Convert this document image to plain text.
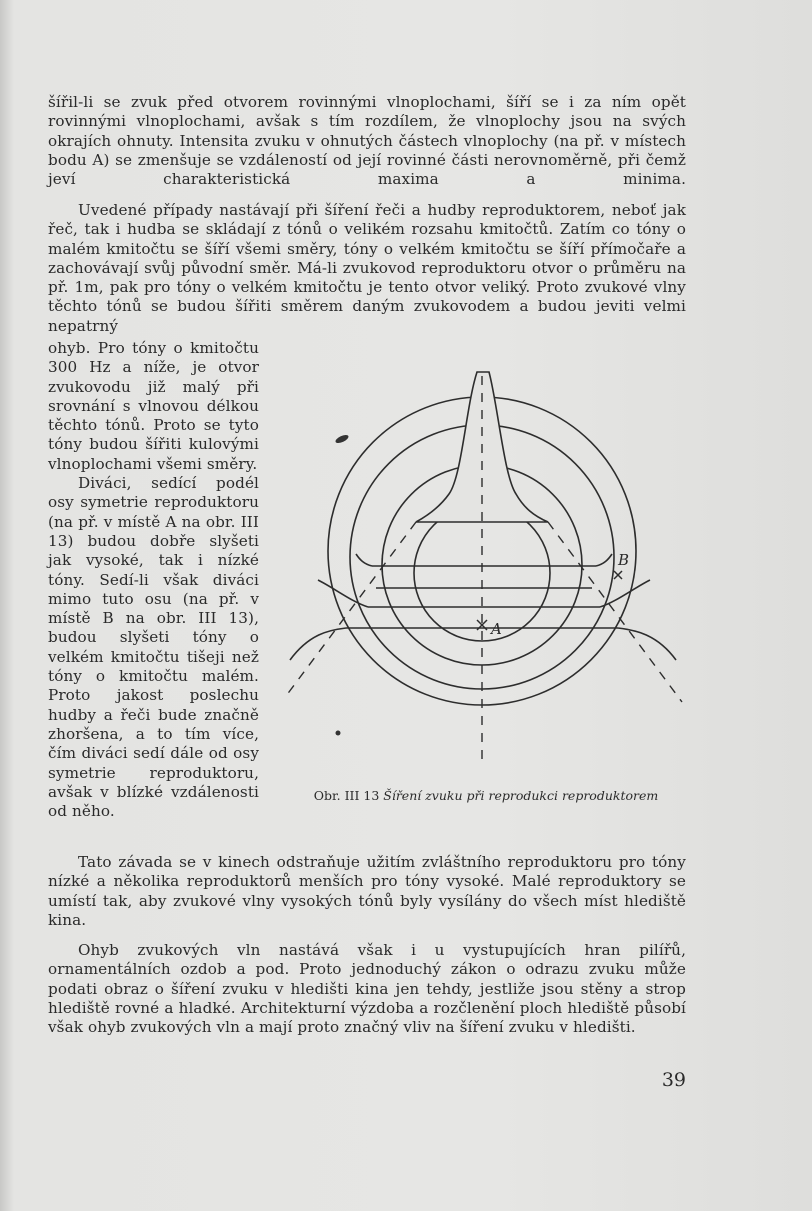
šířil-li se zvuk před otvorem rovinnými vlnoplochami, šíří se i za ním opět rovinnými vlnoplochami, avšak s tím rozdílem, že vlnoplochy jsou na svých okrajích ohnuty. Intensita zvuku v ohnutých částech vlnoplochy (na př. v místech bodu A) se zmenšuje se vzdáleností od její rovinné části nerovnoměrně, při čemž jeví charakteristická maxima a minima.

Uvedené případy nastávají při šíření řeči a hudby reproduktorem, neboť jak řeč, tak i hudba se skládají z tónů o velikém rozsahu kmitočtů. Zatím co tóny o malém kmitočtu se šíří všemi směry, tóny o velkém kmitočtu se šíří přímočaře a zachovávají svůj původní směr. Má-li zvukovod reproduktoru otvor o průměru na př. 1m, pak pro tóny o velkém kmitočtu je tento otvor veliký. Proto zvukové vlny těchto tónů se budou šířiti směrem daným zvukovodem a budou jeviti velmi nepatrný

ohyb. Pro tóny o kmitočtu 300 Hz a níže, je otvor zvukovodu již malý při srovnání s vlnovou délkou těchto tónů. Proto se tyto tóny budou šířiti kulovými vlnoplochami všemi směry.
Diváci, sedící podél osy symetrie reproduktoru (na př. v místě A na obr. III 13) budou dobře slyšeti jak vysoké, tak i nízké tóny. Sedí-li však diváci mimo tuto osu (na př. v místě B na obr. III 13), budou slyšeti tóny o velkém kmitočtu tišeji než tóny o kmitočtu malém. Proto jakost poslechu hudby a řeči bude značně zhoršena, a to tím více, čím diváci sedí dále od osy symetrie reproduktoru, avšak v blízké vzdálenosti od něho.
A
B
Obr. III 13 Šíření zvuku při reprodukci reproduktorem

Tato závada se v kinech odstraňuje užitím zvláštního reproduktoru pro tóny nízké a několika reproduktorů menších pro tóny vysoké. Malé reproduktory se umístí tak, aby zvukové vlny vysokých tónů byly vysílány do všech míst hlediště kina.

Ohyb zvukových vln nastává však i u vystupujících hran pilířů, ornamentálních ozdob a pod. Proto jednoduchý zákon o odrazu zvuku může podati obraz o šíření zvuku v hledišti kina jen tehdy, jestliže jsou stěny a strop hlediště rovné a hladké. Architekturní výzdoba a rozčlenění ploch hlediště působí však ohyb zvukových vln a mají proto značný vliv na šíření zvuku v hledišti.

39
